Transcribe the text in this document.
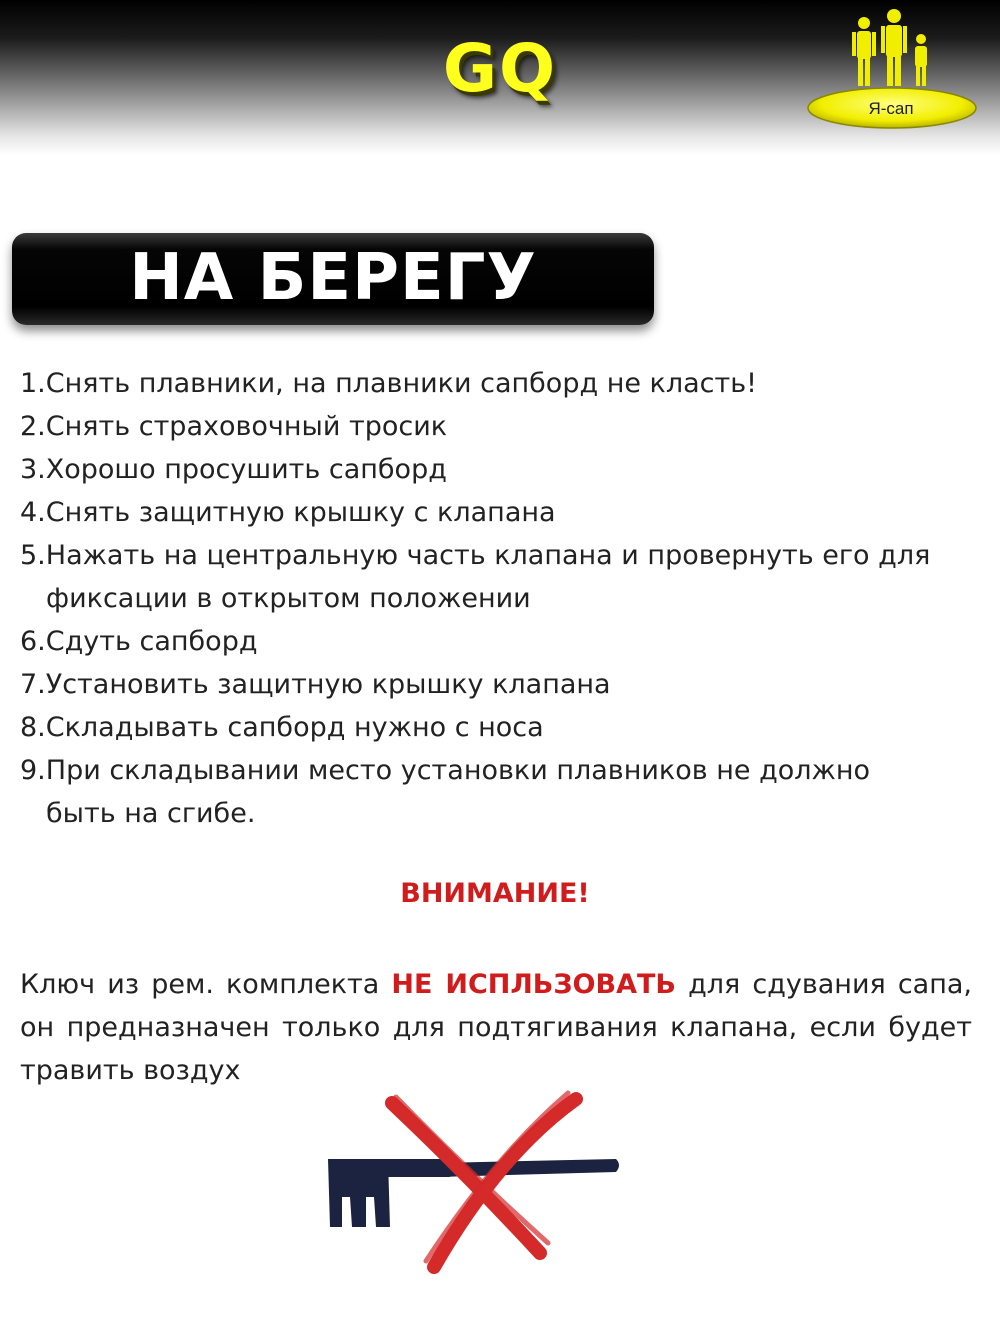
GQ
Я-сап
НА БЕРЕГУ
1.Снять плавники, на плавники сапборд не класть!
2.Снять страховочный тросик
3.Хорошо просушить сапборд
4.Снять защитную крышку с клапана
5.Нажать на центральную часть клапана и провернуть его для
фиксации в открытом положении
6.Сдуть сапборд
7.Установить защитную крышку клапана
8.Складывать сапборд нужно с носа
9.При складывании место установки плавников не должно
быть на сгибе.
ВНИМАНИЕ!

Ключ из рем. комплекта НЕ ИСПЛЬЗОВАТЬ для сдувания сапа, он предназначен только для подтягивания клапана, если будет травить воздух
